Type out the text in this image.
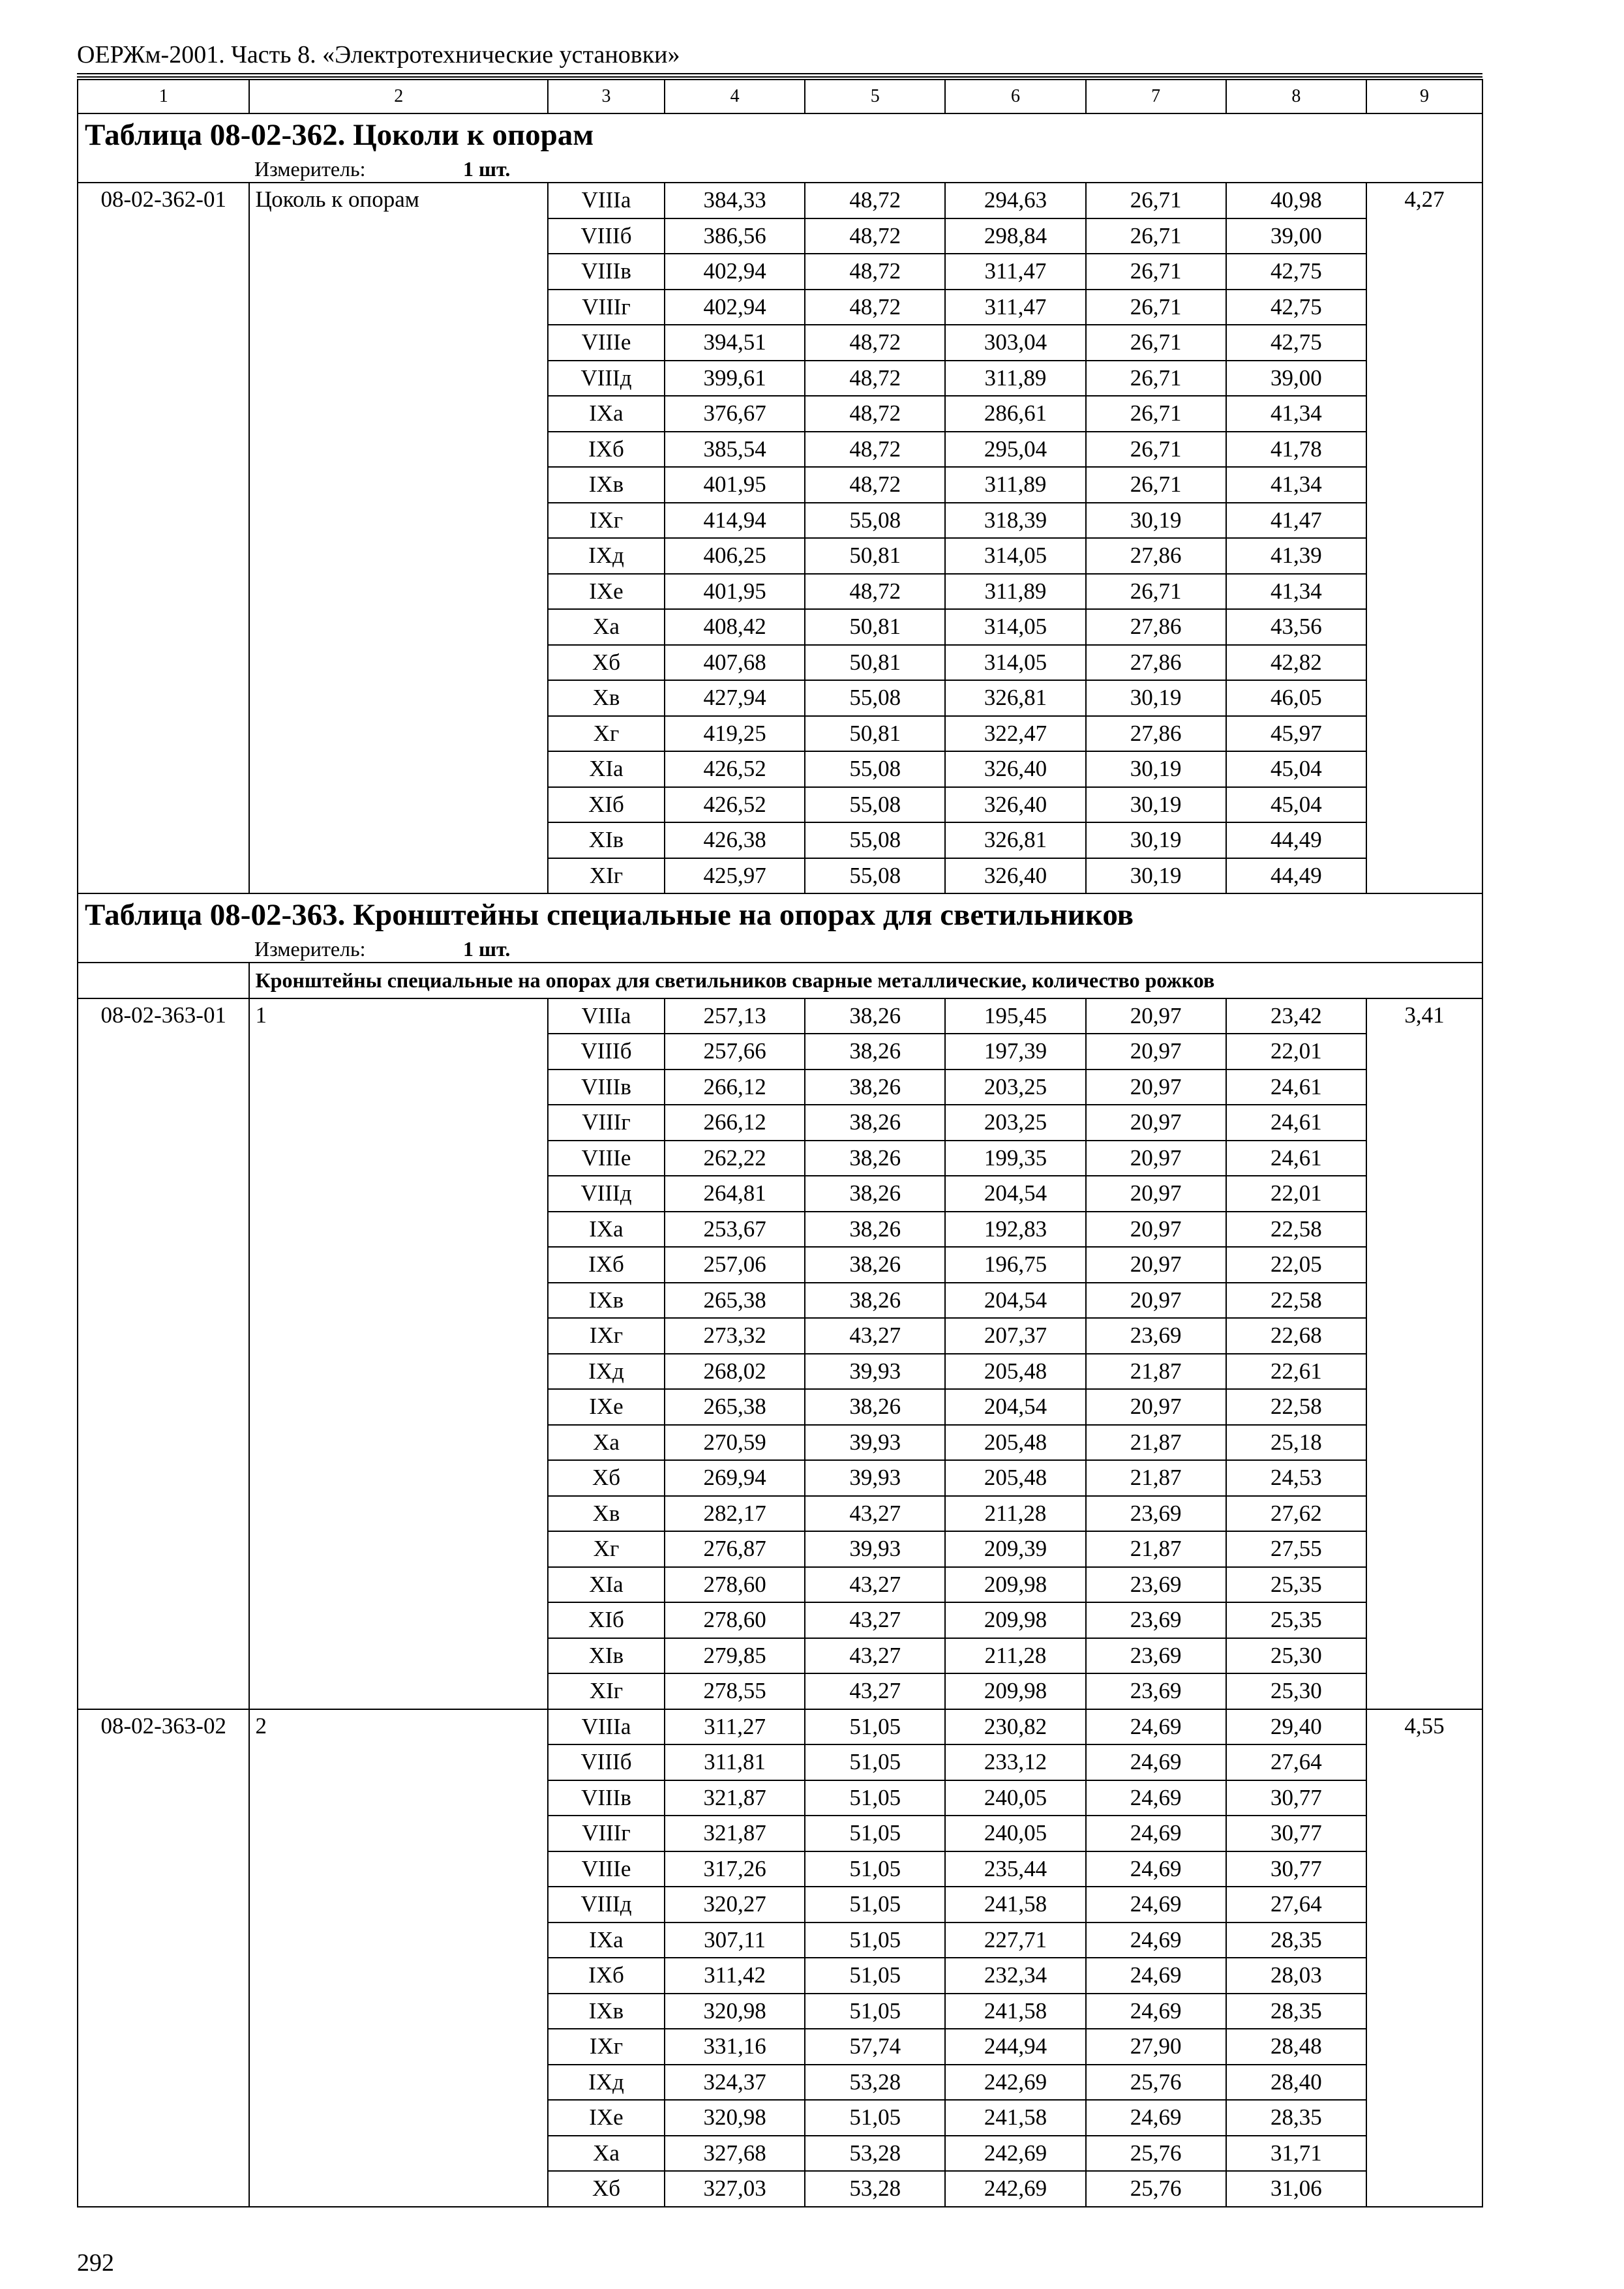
ОЕРЖм-2001. Часть 8. «Электротехнические установки»
1	2	3	4	5	6	7	8	9
Таблица 08-02-362. Цоколи к опорам								
Измеритель: 1 шт.								
08-02-362-01	Цоколь к опорам	VIIIа	384,33	48,72	294,63	26,71	40,98	4,27
		VIIIб	386,56	48,72	298,84	26,71	39,00	
		VIIIв	402,94	48,72	311,47	26,71	42,75	
		VIIIг	402,94	48,72	311,47	26,71	42,75	
		VIIIе	394,51	48,72	303,04	26,71	42,75	
		VIIIд	399,61	48,72	311,89	26,71	39,00	
		IXа	376,67	48,72	286,61	26,71	41,34	
		IXб	385,54	48,72	295,04	26,71	41,78	
		IXв	401,95	48,72	311,89	26,71	41,34	
		IXг	414,94	55,08	318,39	30,19	41,47	
		IXд	406,25	50,81	314,05	27,86	41,39	
		IXе	401,95	48,72	311,89	26,71	41,34	
		Xа	408,42	50,81	314,05	27,86	43,56	
		Xб	407,68	50,81	314,05	27,86	42,82	
		Xв	427,94	55,08	326,81	30,19	46,05	
		Xг	419,25	50,81	322,47	27,86	45,97	
		XIа	426,52	55,08	326,40	30,19	45,04	
		XIб	426,52	55,08	326,40	30,19	45,04	
		XIв	426,38	55,08	326,81	30,19	44,49	
		XIг	425,97	55,08	326,40	30,19	44,49	
Таблица 08-02-363. Кронштейны специальные на опорах для светильников								
Измеритель: 1 шт.								
	Кронштейны специальные на опорах для светильников сварные металлические, количество рожков							
08-02-363-01	1	VIIIа	257,13	38,26	195,45	20,97	23,42	3,41
		VIIIб	257,66	38,26	197,39	20,97	22,01	
		VIIIв	266,12	38,26	203,25	20,97	24,61	
		VIIIг	266,12	38,26	203,25	20,97	24,61	
		VIIIе	262,22	38,26	199,35	20,97	24,61	
		VIIIд	264,81	38,26	204,54	20,97	22,01	
		IXа	253,67	38,26	192,83	20,97	22,58	
		IXб	257,06	38,26	196,75	20,97	22,05	
		IXв	265,38	38,26	204,54	20,97	22,58	
		IXг	273,32	43,27	207,37	23,69	22,68	
		IXд	268,02	39,93	205,48	21,87	22,61	
		IXе	265,38	38,26	204,54	20,97	22,58	
		Xа	270,59	39,93	205,48	21,87	25,18	
		Xб	269,94	39,93	205,48	21,87	24,53	
		Xв	282,17	43,27	211,28	23,69	27,62	
		Xг	276,87	39,93	209,39	21,87	27,55	
		XIа	278,60	43,27	209,98	23,69	25,35	
		XIб	278,60	43,27	209,98	23,69	25,35	
		XIв	279,85	43,27	211,28	23,69	25,30	
		XIг	278,55	43,27	209,98	23,69	25,30	
08-02-363-02	2	VIIIа	311,27	51,05	230,82	24,69	29,40	4,55
		VIIIб	311,81	51,05	233,12	24,69	27,64	
		VIIIв	321,87	51,05	240,05	24,69	30,77	
		VIIIг	321,87	51,05	240,05	24,69	30,77	
		VIIIе	317,26	51,05	235,44	24,69	30,77	
		VIIIд	320,27	51,05	241,58	24,69	27,64	
		IXа	307,11	51,05	227,71	24,69	28,35	
		IXб	311,42	51,05	232,34	24,69	28,03	
		IXв	320,98	51,05	241,58	24,69	28,35	
		IXг	331,16	57,74	244,94	27,90	28,48	
		IXд	324,37	53,28	242,69	25,76	28,40	
		IXе	320,98	51,05	241,58	24,69	28,35	
		Xа	327,68	53,28	242,69	25,76	31,71	
		Xб	327,03	53,28	242,69	25,76	31,06	
292
